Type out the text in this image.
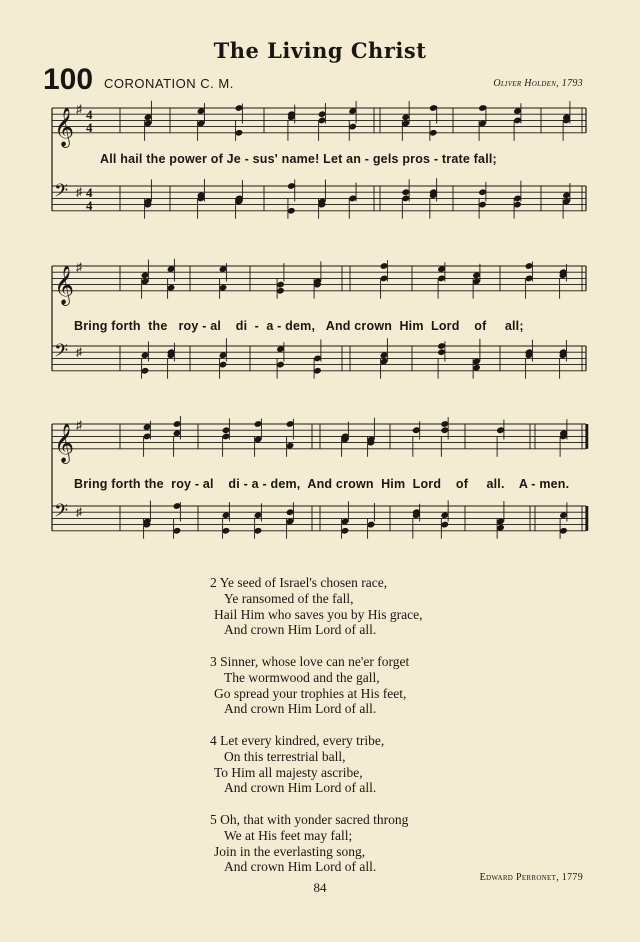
The Living Christ
100 CORONATION C. M.	Oliver Holden, 1793
𝄞 ♯ 4
4
𝄢 ♯ 4
4
𝄞 ♯
𝄢 ♯
𝄞 ♯
𝄢 ♯
All hail the power of Je - sus' name! Let an - gels pros - trate fall;
Bring forth  the   roy - al    di  -  a - dem,   And crown  Him  Lord    of     all;
Bring forth the  roy - al    di - a - dem,  And crown  Him  Lord    of     all.    A - men.
2 Ye seed of Israel's chosen race,
Ye ransomed of the fall,
Hail Him who saves you by His grace,
And crown Him Lord of all.
3 Sinner, whose love can ne'er forget
The wormwood and the gall,
Go spread your trophies at His feet,
And crown Him Lord of all.
4 Let every kindred, every tribe,
On this terrestrial ball,
To Him all majesty ascribe,
And crown Him Lord of all.
5 Oh, that with yonder sacred throng
We at His feet may fall;
Join in the everlasting song,
And crown Him Lord of all.
Edward Perronet, 1779
84
